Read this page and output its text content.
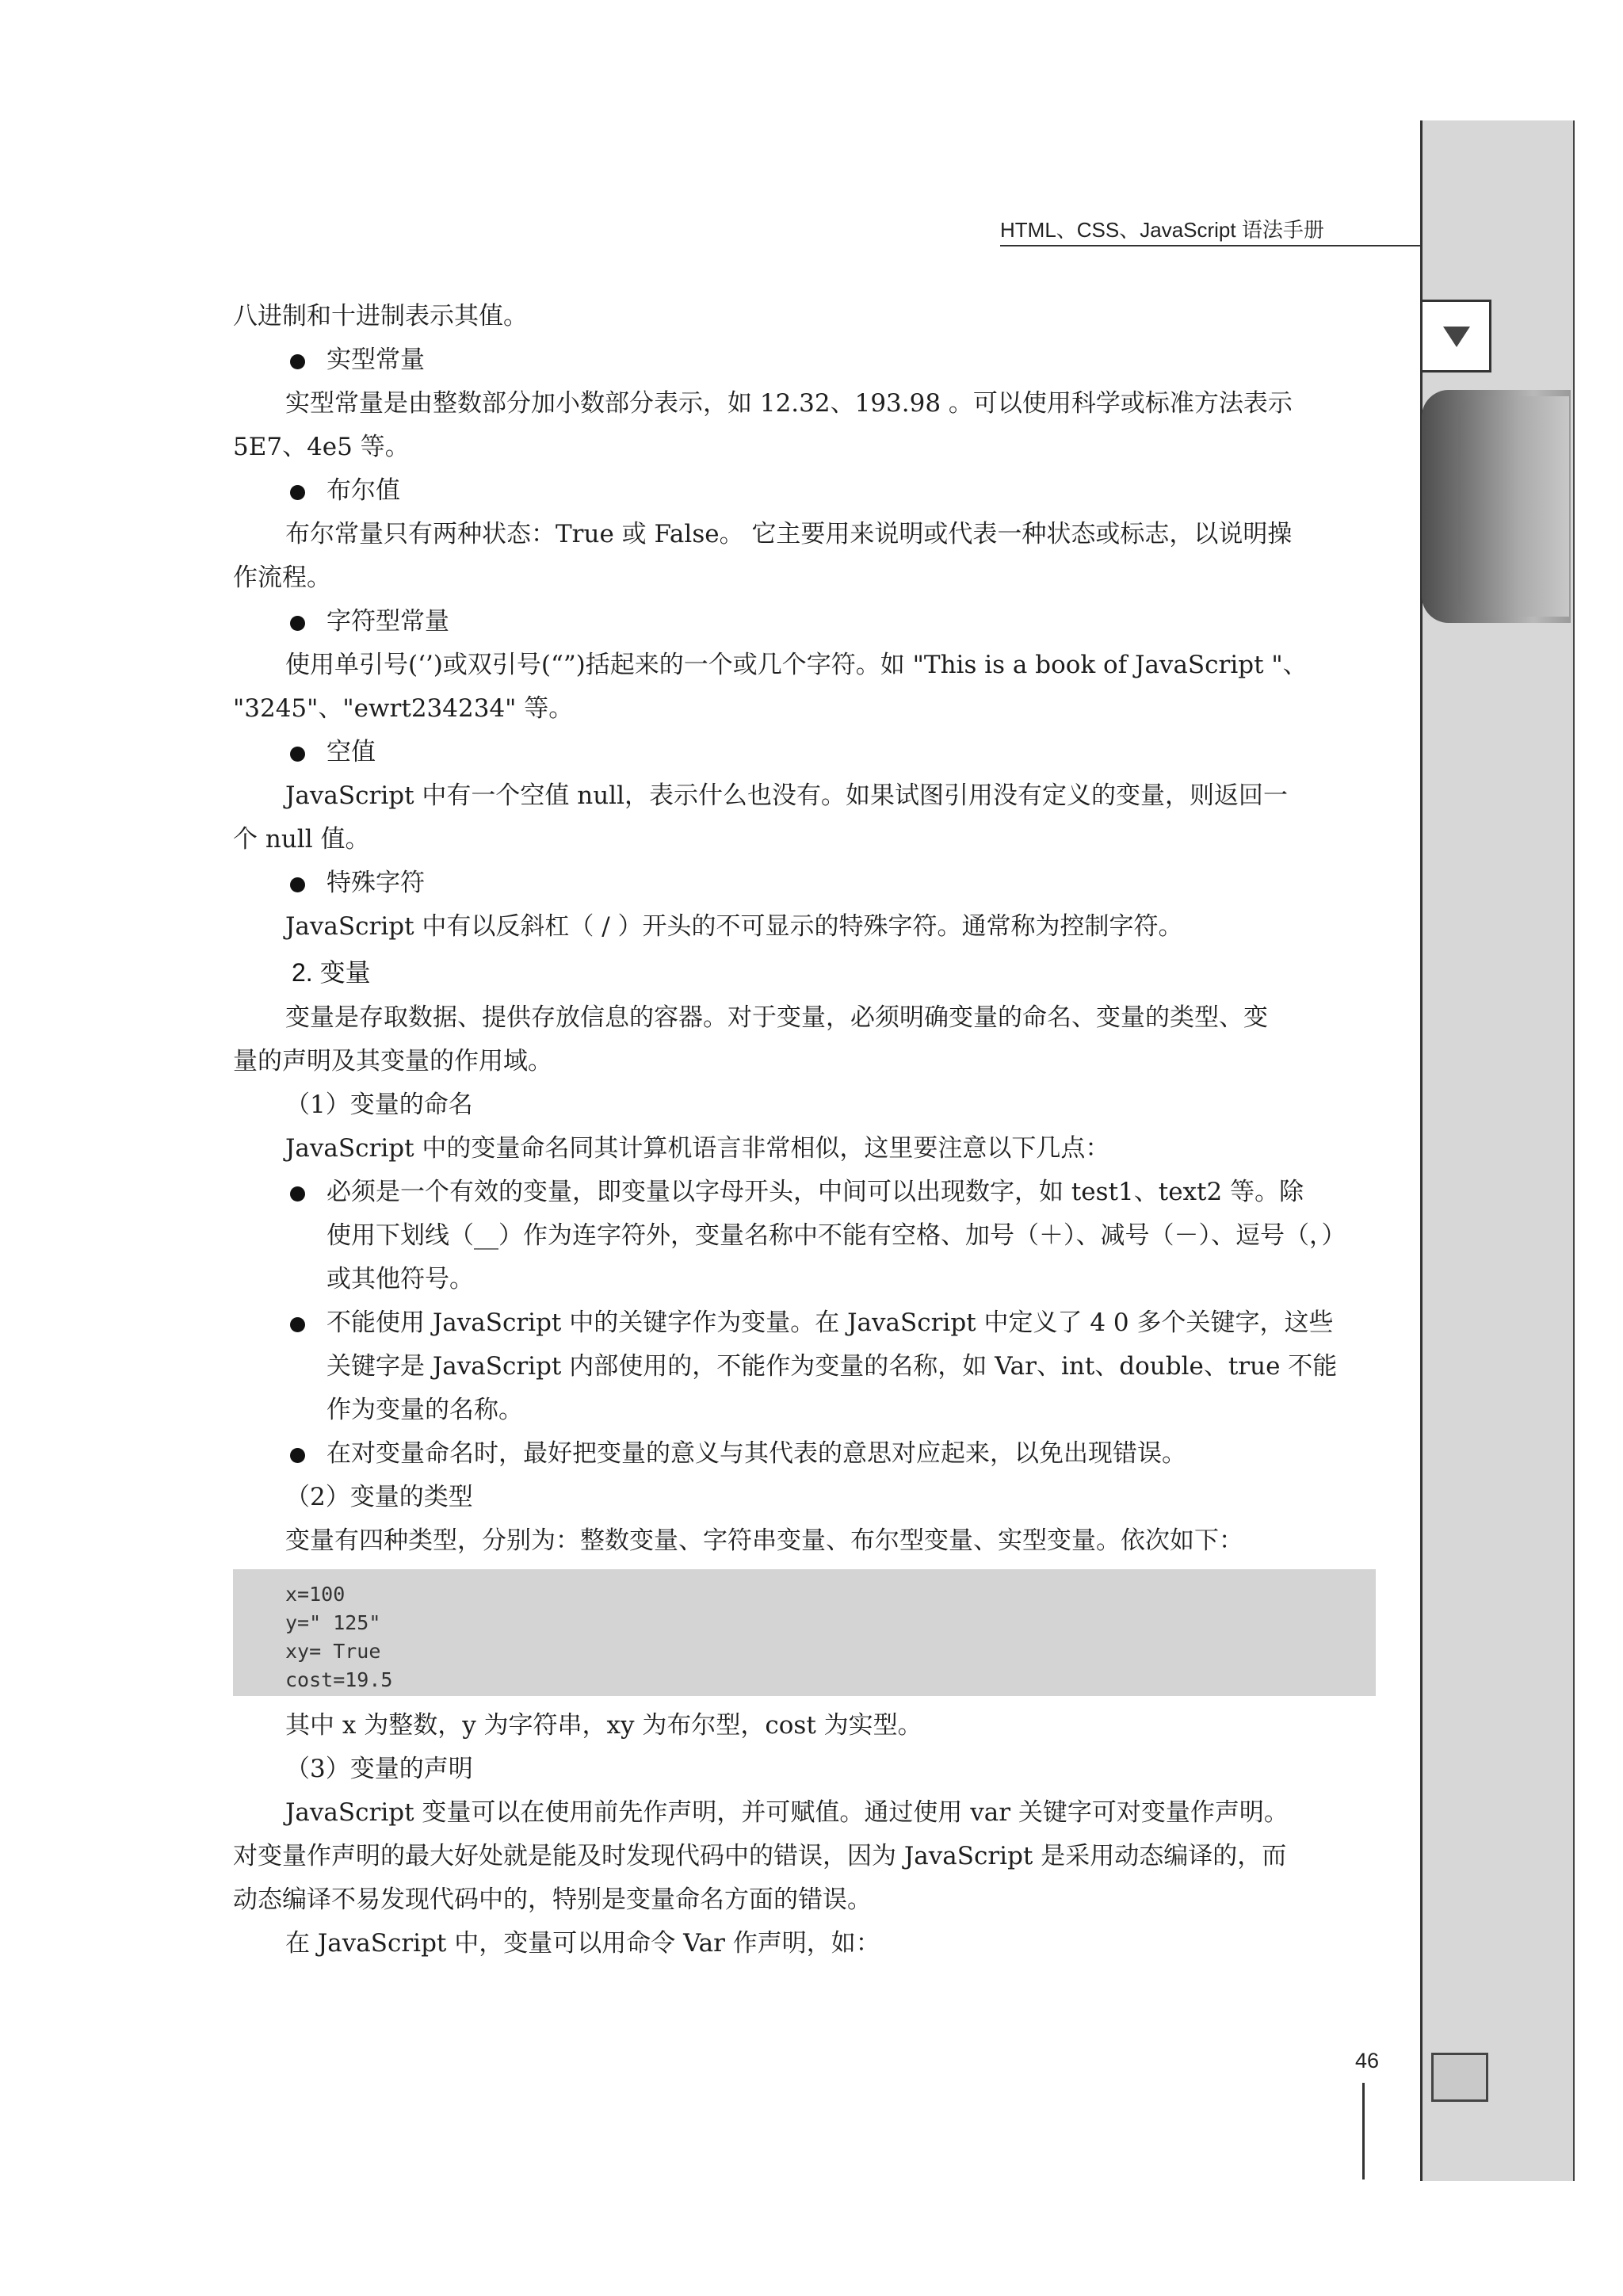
HTML、CSS、JavaScript 语法手册
46
八进制和十进制表示其值。
实型常量
实型常量是由整数部分加小数部分表示，如 12.32、193.98 。可以使用科学或标准方法表示
5E7、4e5 等。
布尔值
布尔常量只有两种状态：True 或 False。 它主要用来说明或代表一种状态或标志，以说明操
作流程。
字符型常量
使用单引号(‘’)或双引号(“”)括起来的一个或几个字符。如 "This is a book of JavaScript "、
"3245"、"ewrt234234" 等。
空值
JavaScript 中有一个空值 null，表示什么也没有。如果试图引用没有定义的变量，则返回一
个 null 值。
特殊字符
JavaScript 中有以反斜杠（ / ）开头的不可显示的特殊字符。通常称为控制字符。
2. 变量
变量是存取数据、提供存放信息的容器。对于变量，必须明确变量的命名、变量的类型、变
量的声明及其变量的作用域。
（1）变量的命名
JavaScript 中的变量命名同其计算机语言非常相似，这里要注意以下几点：
必须是一个有效的变量，即变量以字母开头，中间可以出现数字，如 test1、text2 等。除
使用下划线（__）作为连字符外，变量名称中不能有空格、加号（＋）、减号（－）、逗号（，）
或其他符号。
不能使用 JavaScript 中的关键字作为变量。在 JavaScript 中定义了 4 0 多个关键字，这些
关键字是 JavaScript 内部使用的，不能作为变量的名称，如 Var、int、double、true 不能
作为变量的名称。
在对变量命名时，最好把变量的意义与其代表的意思对应起来，以免出现错误。
（2）变量的类型
变量有四种类型，分别为：整数变量、字符串变量、布尔型变量、实型变量。依次如下：
x=100
y=" 125"
xy= True
cost=19.5
其中 x 为整数，y 为字符串，xy 为布尔型，cost 为实型。
（3）变量的声明
JavaScript 变量可以在使用前先作声明，并可赋值。通过使用 var 关键字可对变量作声明。
对变量作声明的最大好处就是能及时发现代码中的错误，因为 JavaScript 是采用动态编译的，而
动态编译不易发现代码中的，特别是变量命名方面的错误。
在 JavaScript 中，变量可以用命令 Var 作声明，如：
